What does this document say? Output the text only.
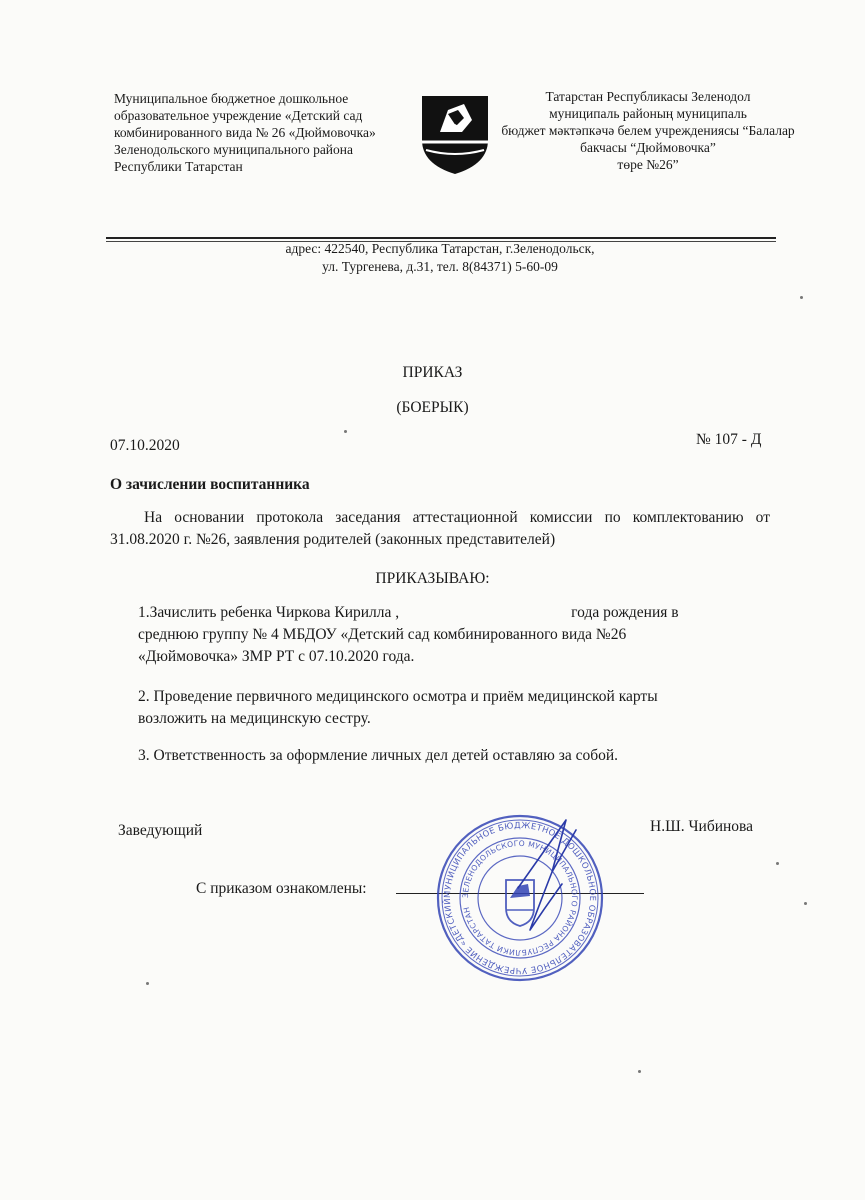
Муниципальное бюджетное дошкольное
образовательное учреждение «Детский сад
комбинированного вида № 26 «Дюймовочка»
Зеленодольского муниципального района
Республики Татарстан
Татарстан Республикасы Зеленодол
муниципаль районың муниципаль
бюджет мәктәпкәчә белем учреждениясы “Балалар
бакчасы “Дюймовочка”
төре №26”
адрес: 422540, Республика Татарстан, г.Зеленодольск,
ул. Тургенева, д.31, тел. 8(84371) 5-60-09
ПРИКАЗ
(БОЕРЫК)
07.10.2020	№ 107 - Д
О зачислении воспитанника
На основании протокола заседания аттестационной комиссии по комплектованию от 31.08.2020 г. №26, заявления родителей (законных представителей)
ПРИКАЗЫВАЮ:
1.Зачислить ребенка Чиркова Кирилла ,	года рождения в
среднюю группу № 4 МБДОУ «Детский сад комбинированного вида №26
«Дюймовочка» ЗМР РТ с 07.10.2020 года.
2. Проведение первичного медицинского осмотра и приём медицинской карты
возложить на медицинскую сестру.
3. Ответственность за оформление личных дел детей оставляю за собой.
Заведующий	Н.Ш. Чибинова
С приказом ознакомлены:	МУНИЦИПАЛЬНОЕ БЮДЖЕТНОЕ ДОШКОЛЬНОЕ ОБРАЗОВАТЕЛЬНОЕ УЧРЕЖДЕНИЕ «ДЕТСКИЙ
ЗЕЛЕНОДОЛЬСКОГО МУНИЦИПАЛЬНОГО РАЙОНА РЕСПУБЛИКИ ТАТАРСТАН
